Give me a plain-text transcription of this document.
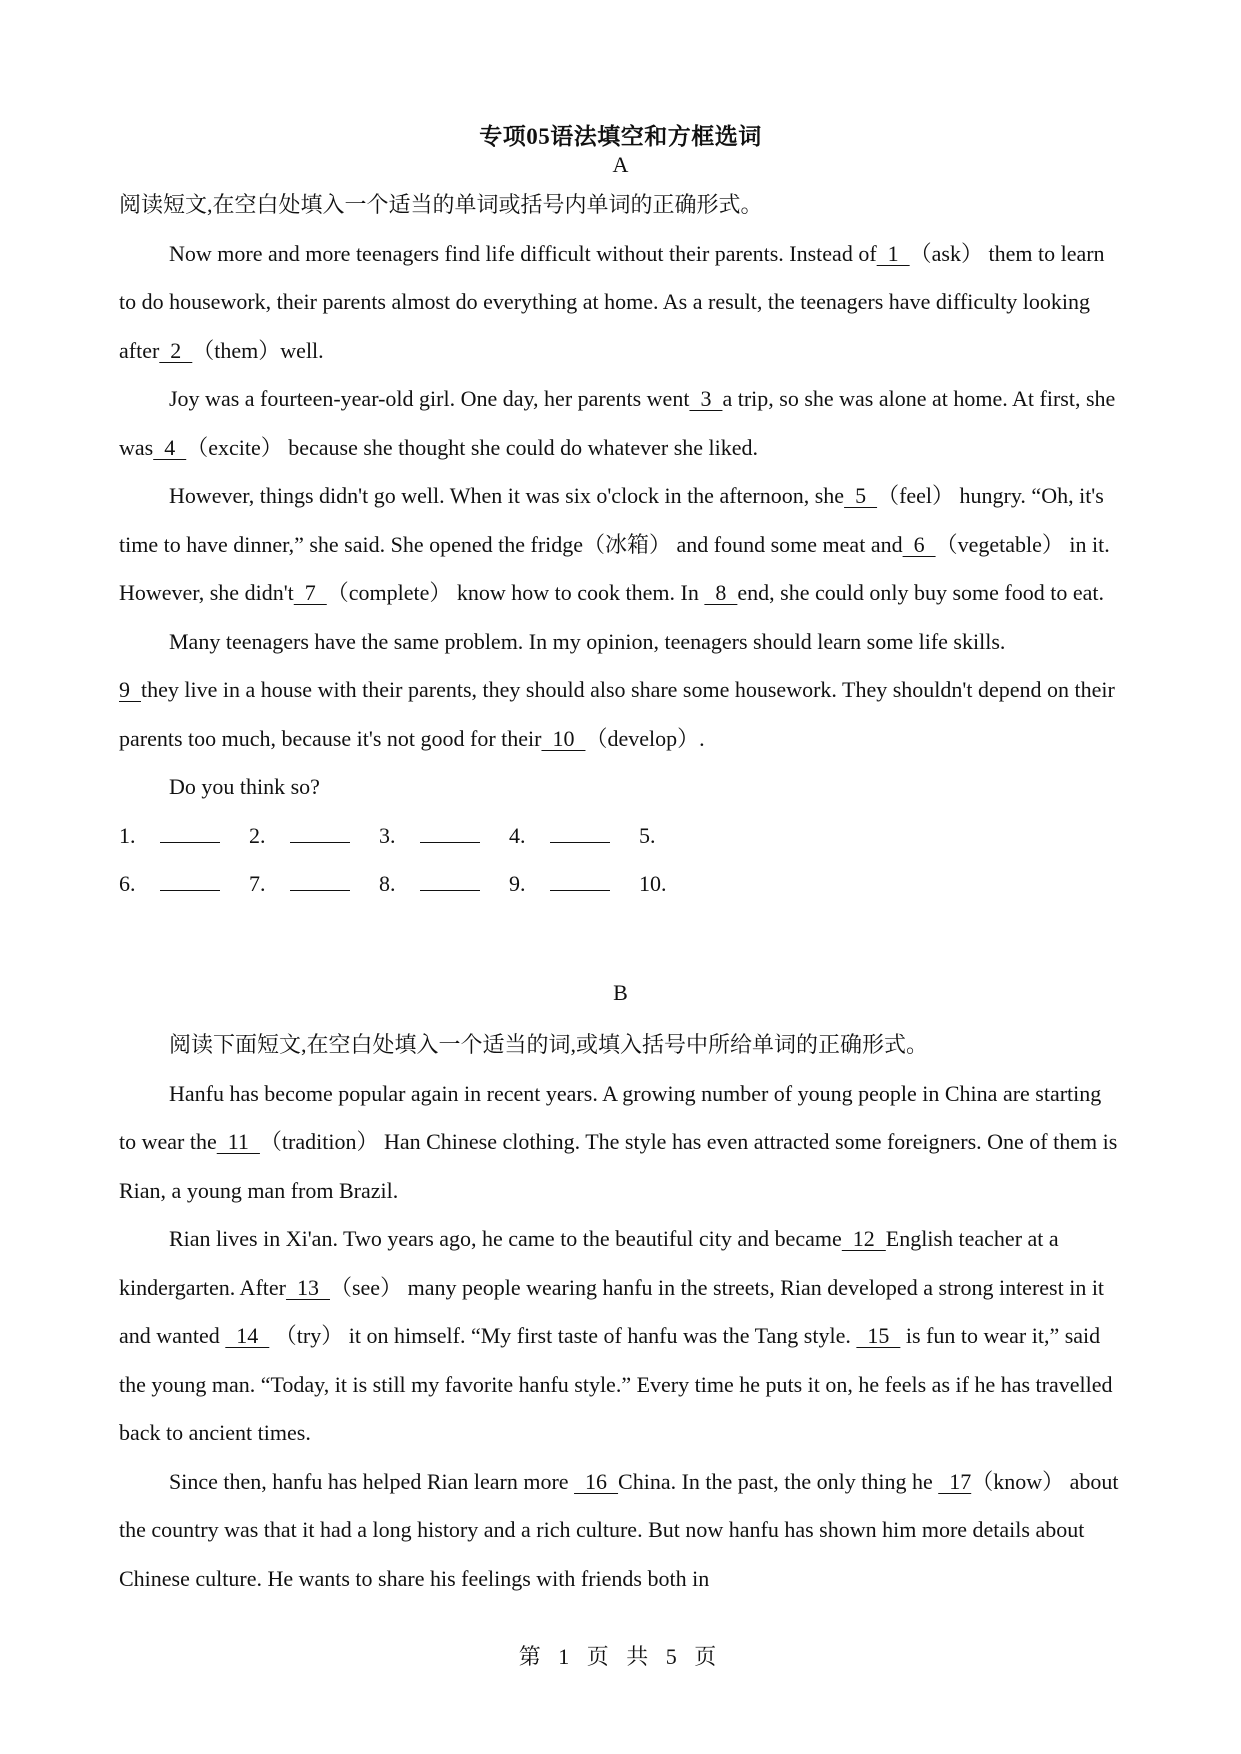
专项05语法填空和方框选词
A

阅读短文,在空白处填入一个适当的单词或括号内单词的正确形式。

Now more and more teenagers find life difficult without their parents. Instead of  1  （ask） them to learn to do housework, their parents almost do everything at home. As a result, the teenagers have difficulty looking after  2  （them）well.

Joy was a fourteen-year-old girl. One day, her parents went  3  a trip, so she was alone at home. At first, she was  4  （excite） because she thought she could do whatever she liked.

However, things didn't go well. When it was six o'clock in the afternoon, she  5  （feel） hungry. “Oh, it's time to have dinner,” she said. She opened the fridge（冰箱） and found some meat and  6  （vegetable） in it. However, she didn't  7  （complete） know how to cook them. In   8  end, she could only buy some food to eat.

Many teenagers have the same problem. In my opinion, teenagers should learn some life skills.

9  they live in a house with their parents, they should also share some housework. They shouldn't depend on their parents too much, because it's not good for their  10  （develop）.

Do you think so?

1.	2.	3.	4.	5.

6.	7.	8.	9.	10.

B

阅读下面短文,在空白处填入一个适当的词,或填入括号中所给单词的正确形式。

Hanfu has become popular again in recent years. A growing number of young people in China are starting to wear the  11  （tradition） Han Chinese clothing. The style has even attracted some foreigners. One of them is Rian, a young man from Brazil.

Rian lives in Xi'an. Two years ago, he came to the beautiful city and became  12  English teacher at a kindergarten. After  13  （see） many people wearing hanfu in the streets, Rian developed a strong interest in it and wanted   14   （try） it on himself. “My first taste of hanfu was the Tang style.   15   is fun to wear it,” said the young man. “Today, it is still my favorite hanfu style.” Every time he puts it on, he feels as if he has travelled back to ancient times.

Since then, hanfu has helped Rian learn more   16  China. In the past, the only thing he   17（know） about the country was that it had a long history and a rich culture. But now hanfu has shown him more details about Chinese culture. He wants to share his feelings with friends both in

第 1 页 共 5 页
